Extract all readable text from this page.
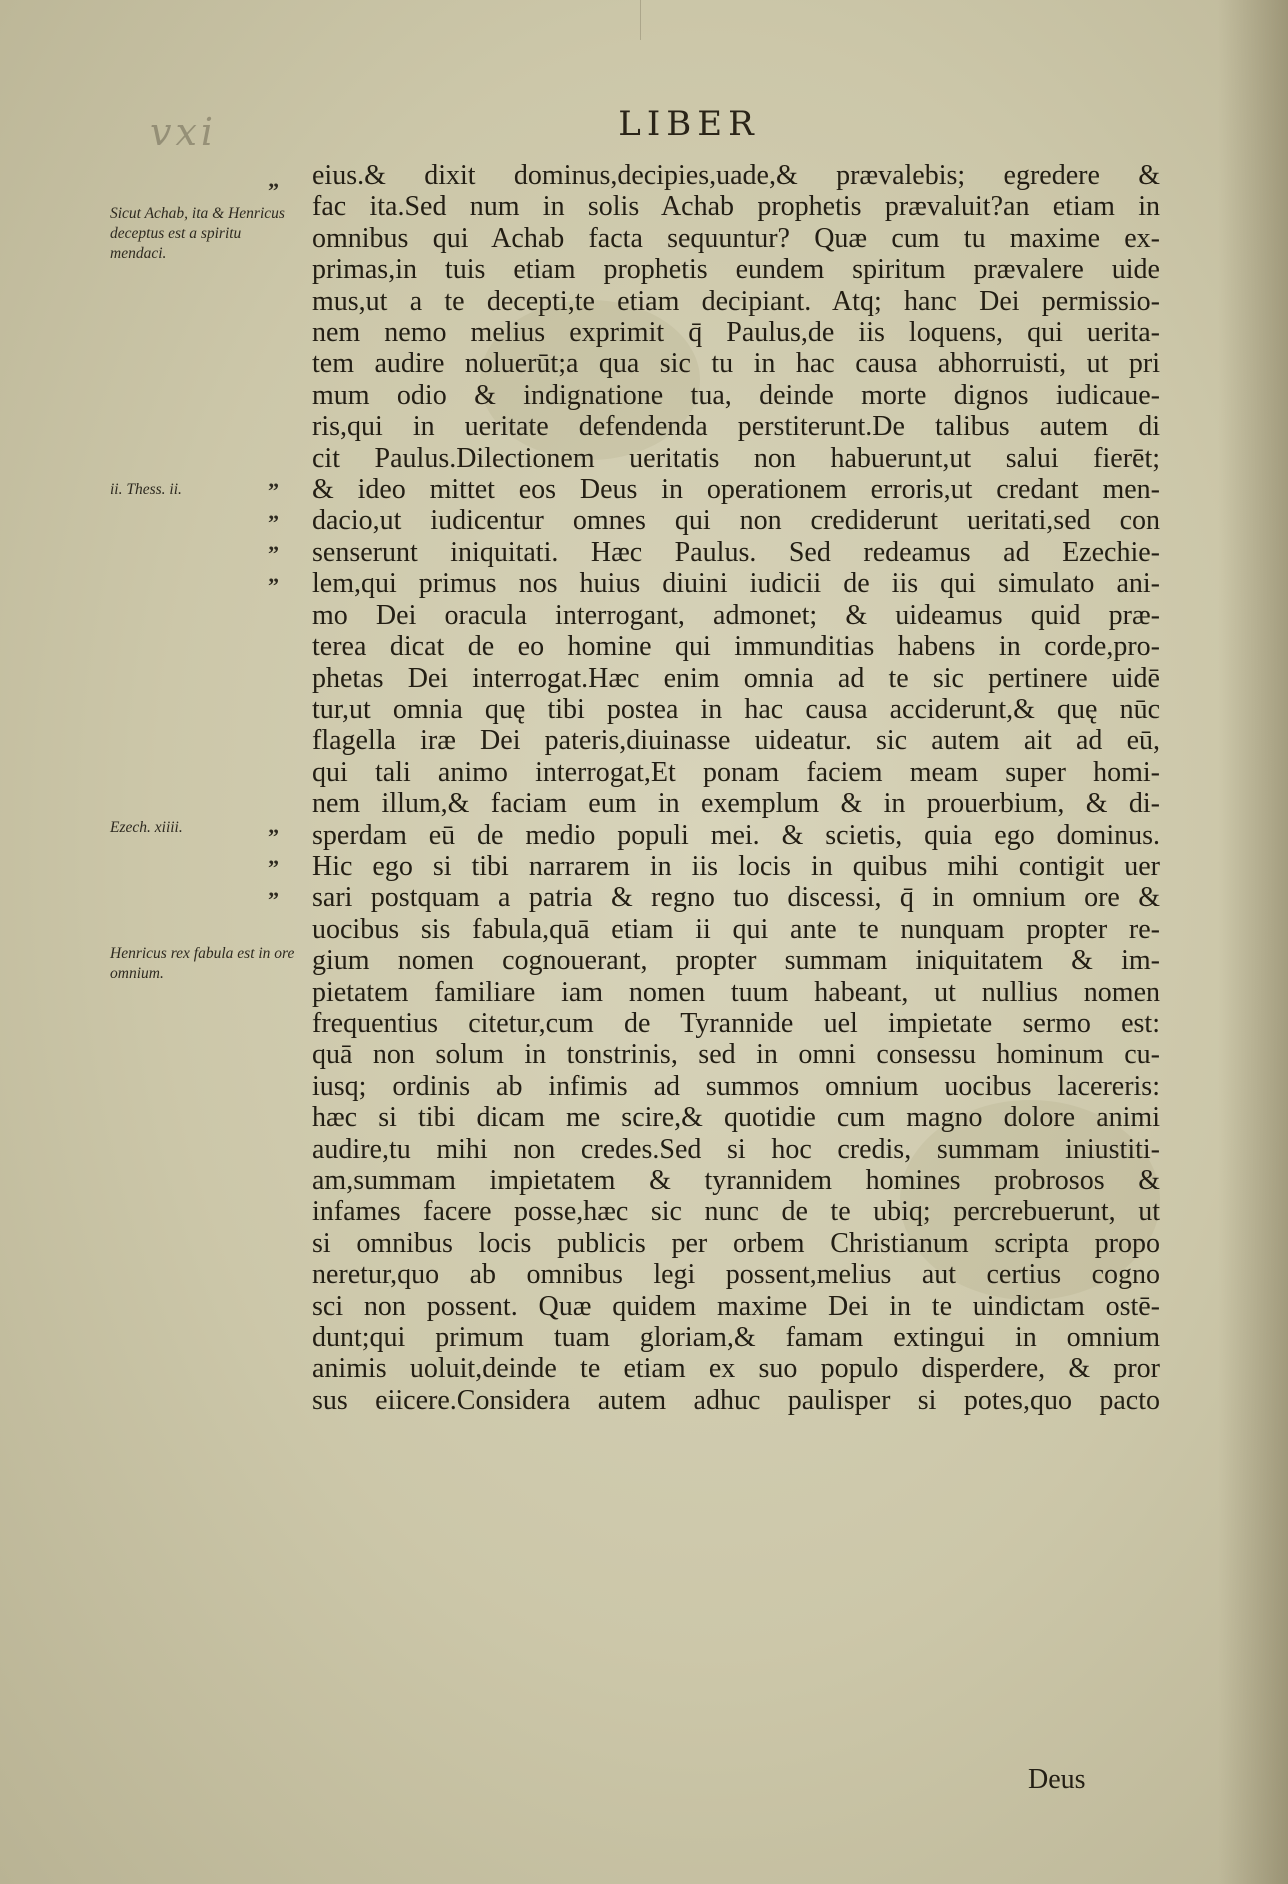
vxi	LIBER
Sicut Achab, ita & Henricus deceptus est a spiritu mendaci.
ii. Thess. ii.
Ezech. xiiii.
Henricus rex fabula est in ore omnium.
”
”
”
”
”
”
”
”
eius.& dixit dominus,decipies,uade,& prævalebis; egredere &
fac ita.Sed num in solis Achab prophetis prævaluit?an etiam in
omnibus qui Achab facta sequuntur? Quæ cum tu maxime ex-
primas,in tuis etiam prophetis eundem spiritum prævalere uide
mus,ut a te decepti,te etiam decipiant. Atq; hanc Dei permissio-
nem nemo melius exprimit q̄ Paulus,de iis loquens, qui uerita-
tem audire noluerūt;a qua sic tu in hac causa abhorruisti, ut pri
mum odio & indignatione tua, deinde morte dignos iudicaue-
ris,qui in ueritate defendenda perstiterunt.De talibus autem di
cit Paulus.Dilectionem ueritatis non habuerunt,ut salui fierēt;
& ideo mittet eos Deus in operationem erroris,ut credant men-
dacio,ut iudicentur omnes qui non crediderunt ueritati,sed con
senserunt iniquitati. Hæc Paulus. Sed redeamus ad Ezechie-
lem,qui primus nos huius diuini iudicii de iis qui simulato ani-
mo Dei oracula interrogant, admonet; & uideamus quid præ-
terea dicat de eo homine qui immunditias habens in corde,pro-
phetas Dei interrogat.Hæc enim omnia ad te sic pertinere uidē
tur,ut omnia quę tibi postea in hac causa acciderunt,& quę nūc
flagella iræ Dei pateris,diuinasse uideatur. sic autem ait ad eū,
qui tali animo interrogat,Et ponam faciem meam super homi-
nem illum,& faciam eum in exemplum & in prouerbium, & di-
sperdam eū de medio populi mei. & scietis, quia ego dominus.
Hic ego si tibi narrarem in iis locis in quibus mihi contigit uer
sari postquam a patria & regno tuo discessi, q̄ in omnium ore &
uocibus sis fabula,quā etiam ii qui ante te nunquam propter re-
gium nomen cognouerant, propter summam iniquitatem & im-
pietatem familiare iam nomen tuum habeant, ut nullius nomen
frequentius citetur,cum de Tyrannide uel impietate sermo est:
quā non solum in tonstrinis, sed in omni consessu hominum cu-
iusq; ordinis ab infimis ad summos omnium uocibus lacereris:
hæc si tibi dicam me scire,& quotidie cum magno dolore animi
audire,tu mihi non credes.Sed si hoc credis, summam iniustiti-
am,summam impietatem & tyrannidem homines probrosos &
infames facere posse,hæc sic nunc de te ubiq; percrebuerunt, ut
si omnibus locis publicis per orbem Christianum scripta propo
neretur,quo ab omnibus legi possent,melius aut certius cogno
sci non possent. Quæ quidem maxime Dei in te uindictam ostē-
dunt;qui primum tuam gloriam,& famam extingui in omnium
animis uoluit,deinde te etiam ex suo populo disperdere, & pror
sus eiicere.Considera autem adhuc paulisper si potes,quo pacto
Deus
